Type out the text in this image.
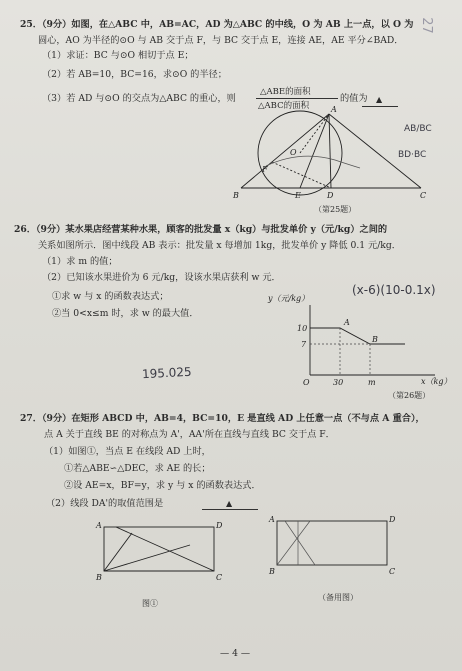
25．（9分）如图，在△ABC 中，AB=AC，AD 为△ABC 的中线，O 为 AB 上一点，以 O 为
圆心，AO 为半径的⊙O 与 AB 交于点 F，与 BC 交于点 E，连接 AE，AE 平分∠BAD．
（1）求证：BC 与⊙O 相切于点 E；
（2）若 AB=10，BC=16，求⊙O 的半径；
（3）若 AD 与⊙O 的交点为△ABC 的重心，则
△ABE的面积
△ABC的面积
的值为 ▲
B	E	D	C
A
O
F
（第25题）
27
AB/BC
BD·BC
26．（9分）某水果店经营某种水果，顾客的批发量 x（kg）与批发单价 y（元/kg）之间的
关系如图所示．图中线段 AB 表示：批发量 x 每增加 1kg，批发单价 y 降低 0.1 元/kg．
（1）求 m 的值；
（2）已知该水果进价为 6 元/kg，设该水果店获利 w 元．
①求 w 与 x 的函数表达式；
②当 0<x≤m 时，求 w 的最大值．
(x-6)(10-0.1x)
195.025
10
7
O	30	m
A
B
y（元/kg）
x（kg）
（第26题）
27．（9分）在矩形 ABCD 中，AB=4，BC=10，E 是直线 AD 上任意一点（不与点 A 重合），
点 A 关于直线 BE 的对称点为 A'，AA'所在直线与直线 BC 交于点 F．
（1）如图①，当点 E 在线段 AD 上时，
①若△ABE∽△DEC，求 AE 的长；
②设 AE=x，BF=y，求 y 与 x 的函数表达式．
（2）线段 DA'的取值范围是	▲
A	D
B	C
图①
A	D
B	C
（备用图）
— 4 —
